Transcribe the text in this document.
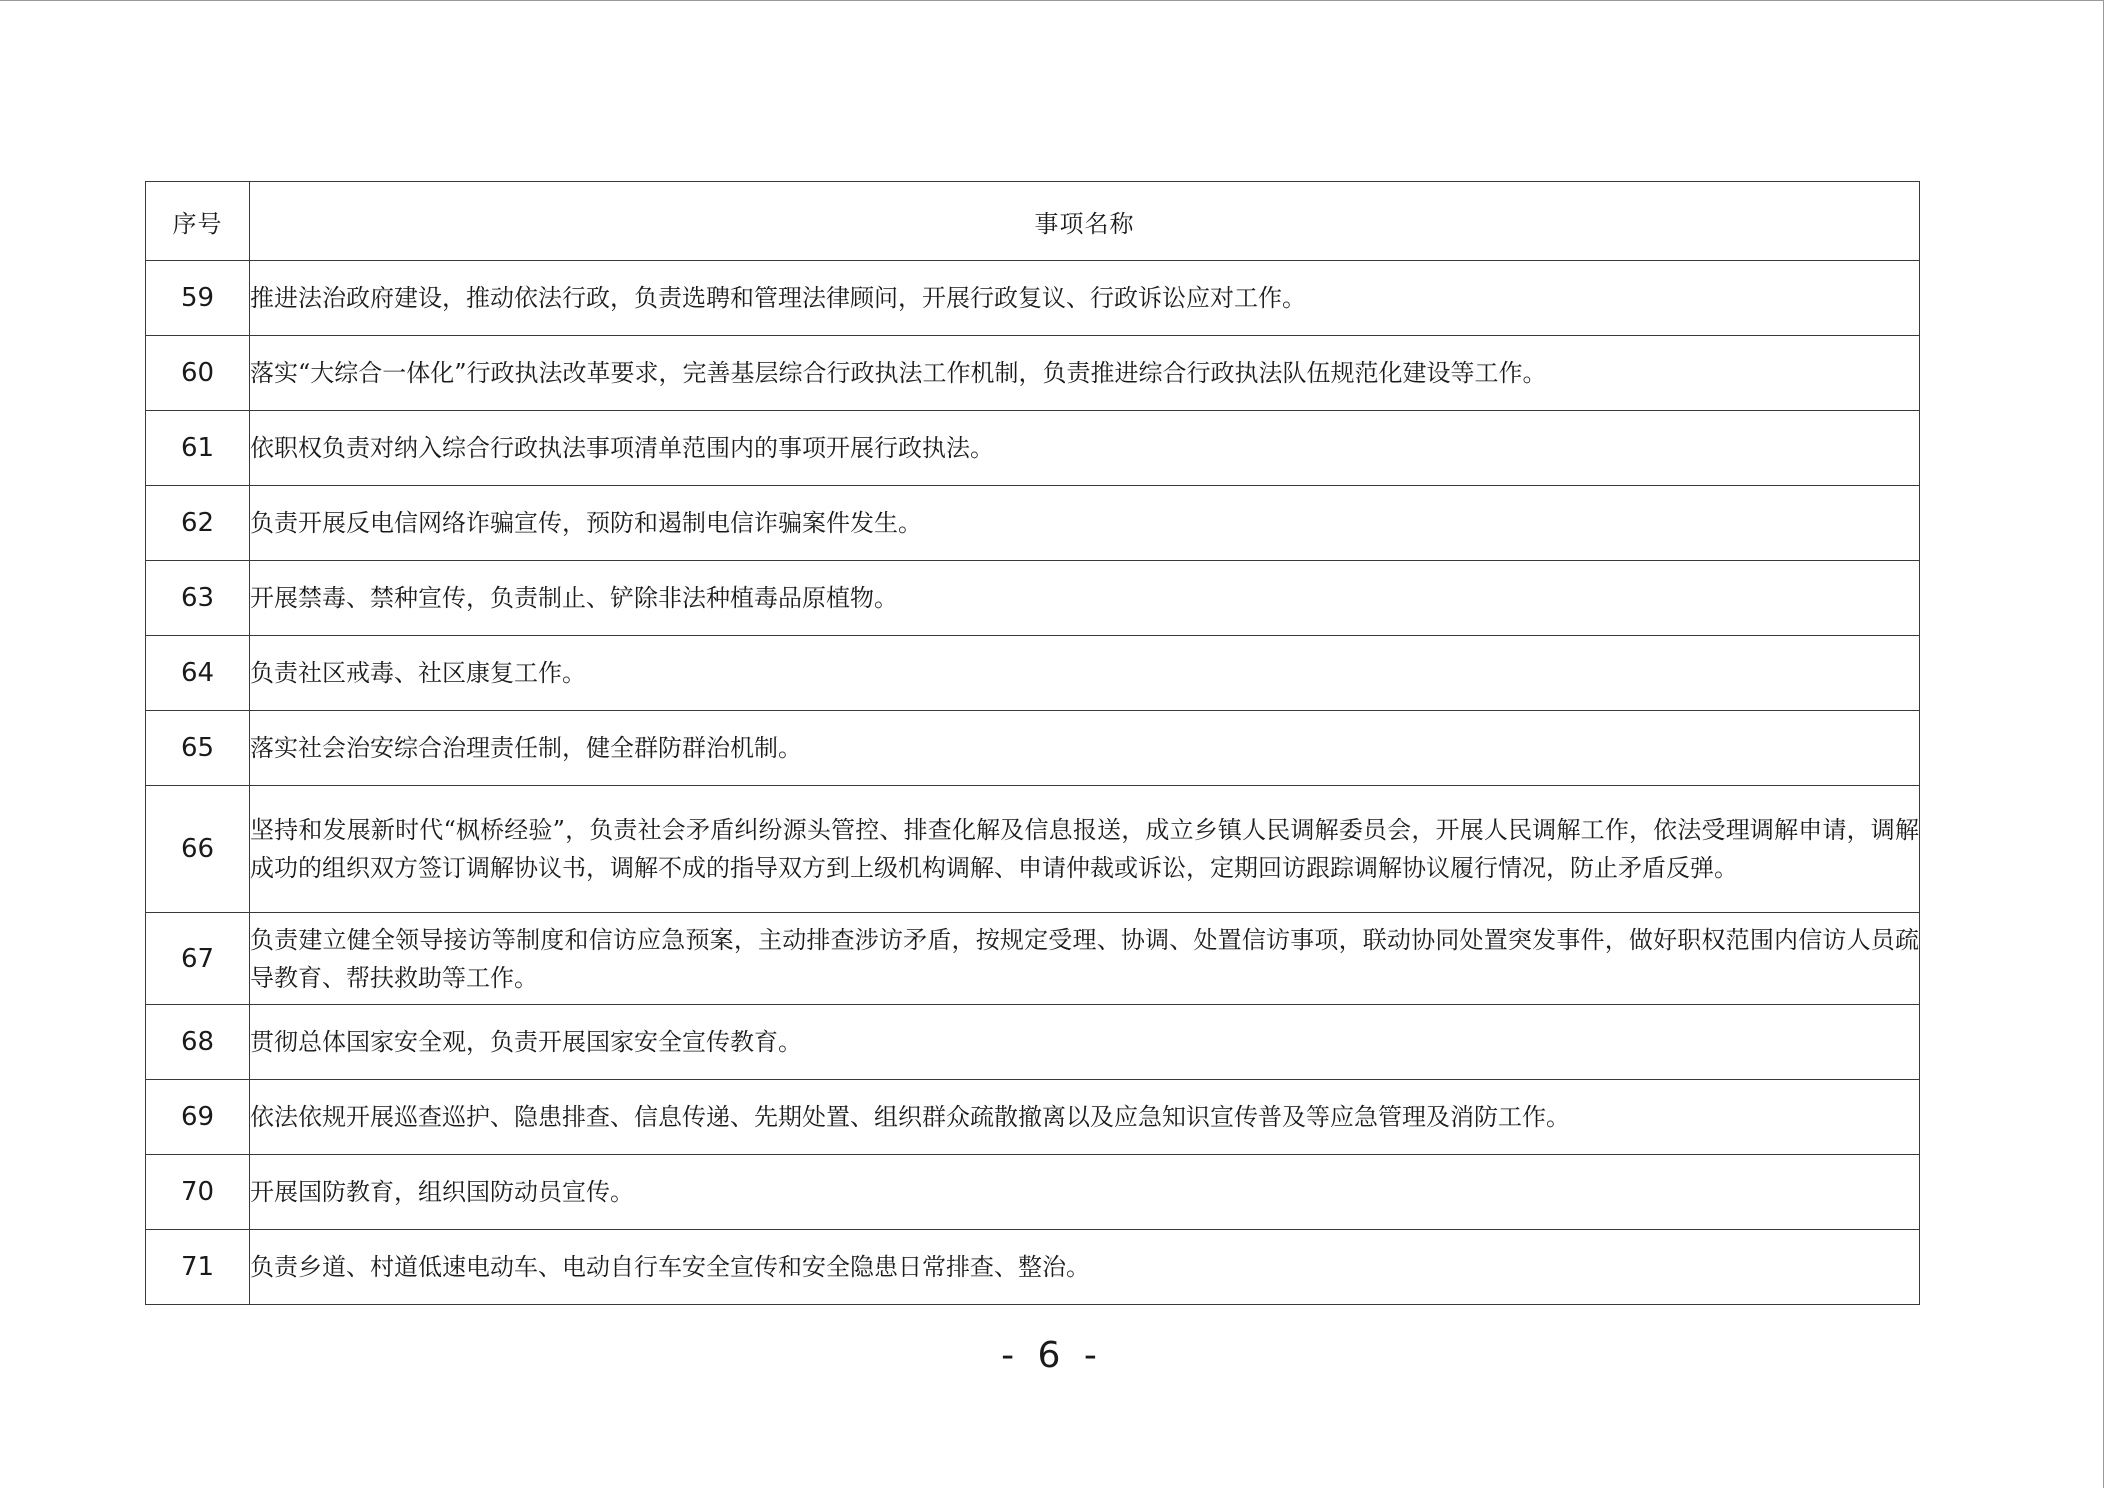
序号	事项名称
59	推进法治政府建设，推动依法行政，负责选聘和管理法律顾问，开展行政复议、行政诉讼应对工作。
60	落实“大综合一体化”行政执法改革要求，完善基层综合行政执法工作机制，负责推进综合行政执法队伍规范化建设等工作。
61	依职权负责对纳入综合行政执法事项清单范围内的事项开展行政执法。
62	负责开展反电信网络诈骗宣传，预防和遏制电信诈骗案件发生。
63	开展禁毒、禁种宣传，负责制止、铲除非法种植毒品原植物。
64	负责社区戒毒、社区康复工作。
65	落实社会治安综合治理责任制，健全群防群治机制。
66	坚持和发展新时代“枫桥经验”，负责社会矛盾纠纷源头管控、排查化解及信息报送，成立乡镇人民调解委员会，开展人民调解工作，依法受理调解申请，调解成功的组织双方签订调解协议书，调解不成的指导双方到上级机构调解、申请仲裁或诉讼，定期回访跟踪调解协议履行情况，防止矛盾反弹。
67	负责建立健全领导接访等制度和信访应急预案，主动排查涉访矛盾，按规定受理、协调、处置信访事项，联动协同处置突发事件，做好职权范围内信访人员疏导教育、帮扶救助等工作。
68	贯彻总体国家安全观，负责开展国家安全宣传教育。
69	依法依规开展巡查巡护、隐患排查、信息传递、先期处置、组织群众疏散撤离以及应急知识宣传普及等应急管理及消防工作。
70	开展国防教育，组织国防动员宣传。
71	负责乡道、村道低速电动车、电动自行车安全宣传和安全隐患日常排查、整治。
- 6 -
